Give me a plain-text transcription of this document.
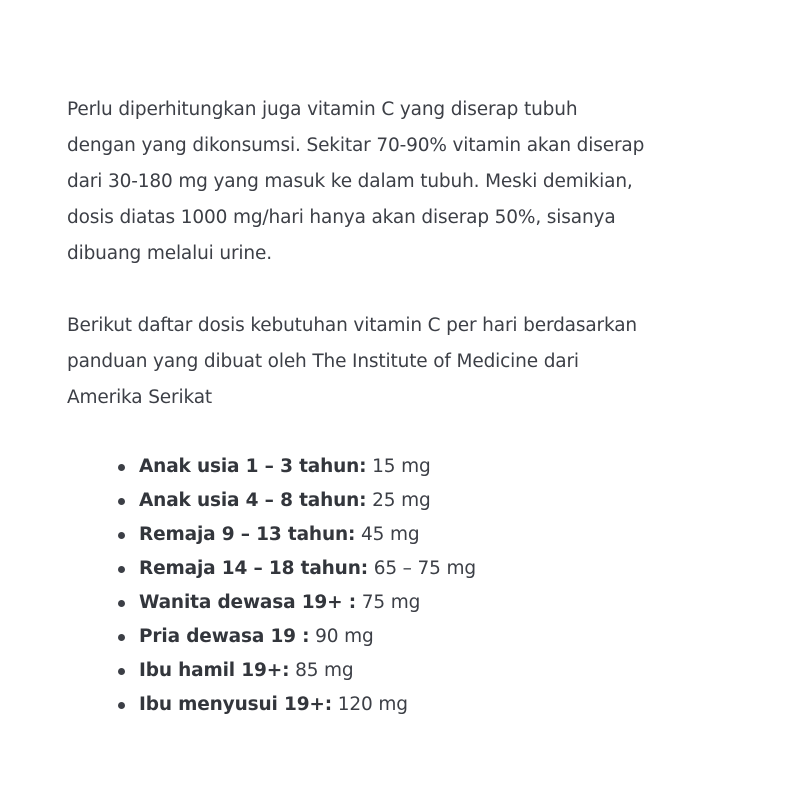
Perlu diperhitungkan juga vitamin C yang diserap tubuh
dengan yang dikonsumsi. Sekitar 70-90% vitamin akan diserap
dari 30-180 mg yang masuk ke dalam tubuh. Meski demikian,
dosis diatas 1000 mg/hari hanya akan diserap 50%, sisanya
dibuang melalui urine.

Berikut daftar dosis kebutuhan vitamin C per hari berdasarkan
panduan yang dibuat oleh The Institute of Medicine dari
Amerika Serikat

Anak usia 1 – 3 tahun: 15 mg
Anak usia 4 – 8 tahun: 25 mg
Remaja 9 – 13 tahun: 45 mg
Remaja 14 – 18 tahun: 65 – 75 mg
Wanita dewasa 19+ : 75 mg
Pria dewasa 19 : 90 mg
Ibu hamil 19+: 85 mg
Ibu menyusui 19+: 120 mg
